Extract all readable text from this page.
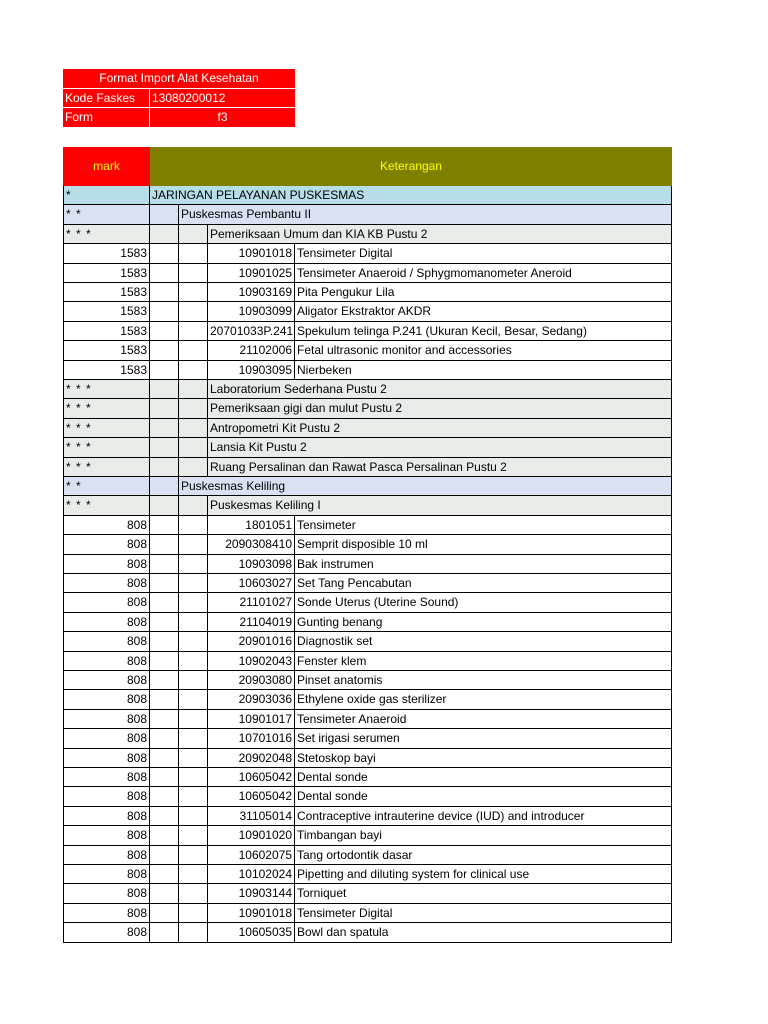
Format Import Alat Kesehatan
Kode Faskes	13080200012
Form	f3
mark	Keterangan
*	JARINGAN PELAYANAN PUSKESMAS
* *	Puskesmas Pembantu II
* * *	Pemeriksaan Umum dan KIA KB Pustu 2
1583	10901018 Tensimeter Digital
1583	10901025 Tensimeter Anaeroid / Sphygmomanometer Aneroid
1583	10903169 Pita Pengukur Lila
1583	10903099 Aligator Ekstraktor AKDR
1583	20701033P.241 Spekulum telinga P.241 (Ukuran Kecil, Besar, Sedang)
1583	21102006 Fetal ultrasonic monitor and accessories
1583	10903095 Nierbeken
* * *	Laboratorium Sederhana Pustu 2
* * *	Pemeriksaan gigi dan mulut Pustu 2
* * *	Antropometri Kit Pustu 2
* * *	Lansia Kit Pustu 2
* * *	Ruang Persalinan dan Rawat Pasca Persalinan Pustu 2
* *	Puskesmas Keliling
* * *	Puskesmas Keliling I
808	1801051 Tensimeter
808	2090308410 Semprit disposible 10 ml
808	10903098 Bak instrumen
808	10603027 Set Tang Pencabutan
808	21101027 Sonde Uterus (Uterine Sound)
808	21104019 Gunting benang
808	20901016 Diagnostik set
808	10902043 Fenster klem
808	20903080 Pinset anatomis
808	20903036 Ethylene oxide gas sterilizer
808	10901017 Tensimeter Anaeroid
808	10701016 Set irigasi serumen
808	20902048 Stetoskop bayi
808	10605042 Dental sonde
808	10605042 Dental sonde
808	31105014 Contraceptive intrauterine device (IUD) and introducer
808	10901020 Timbangan bayi
808	10602075 Tang ortodontik dasar
808	10102024 Pipetting and diluting system for clinical use
808	10903144 Torniquet
808	10901018 Tensimeter Digital
808	10605035 Bowl dan spatula
